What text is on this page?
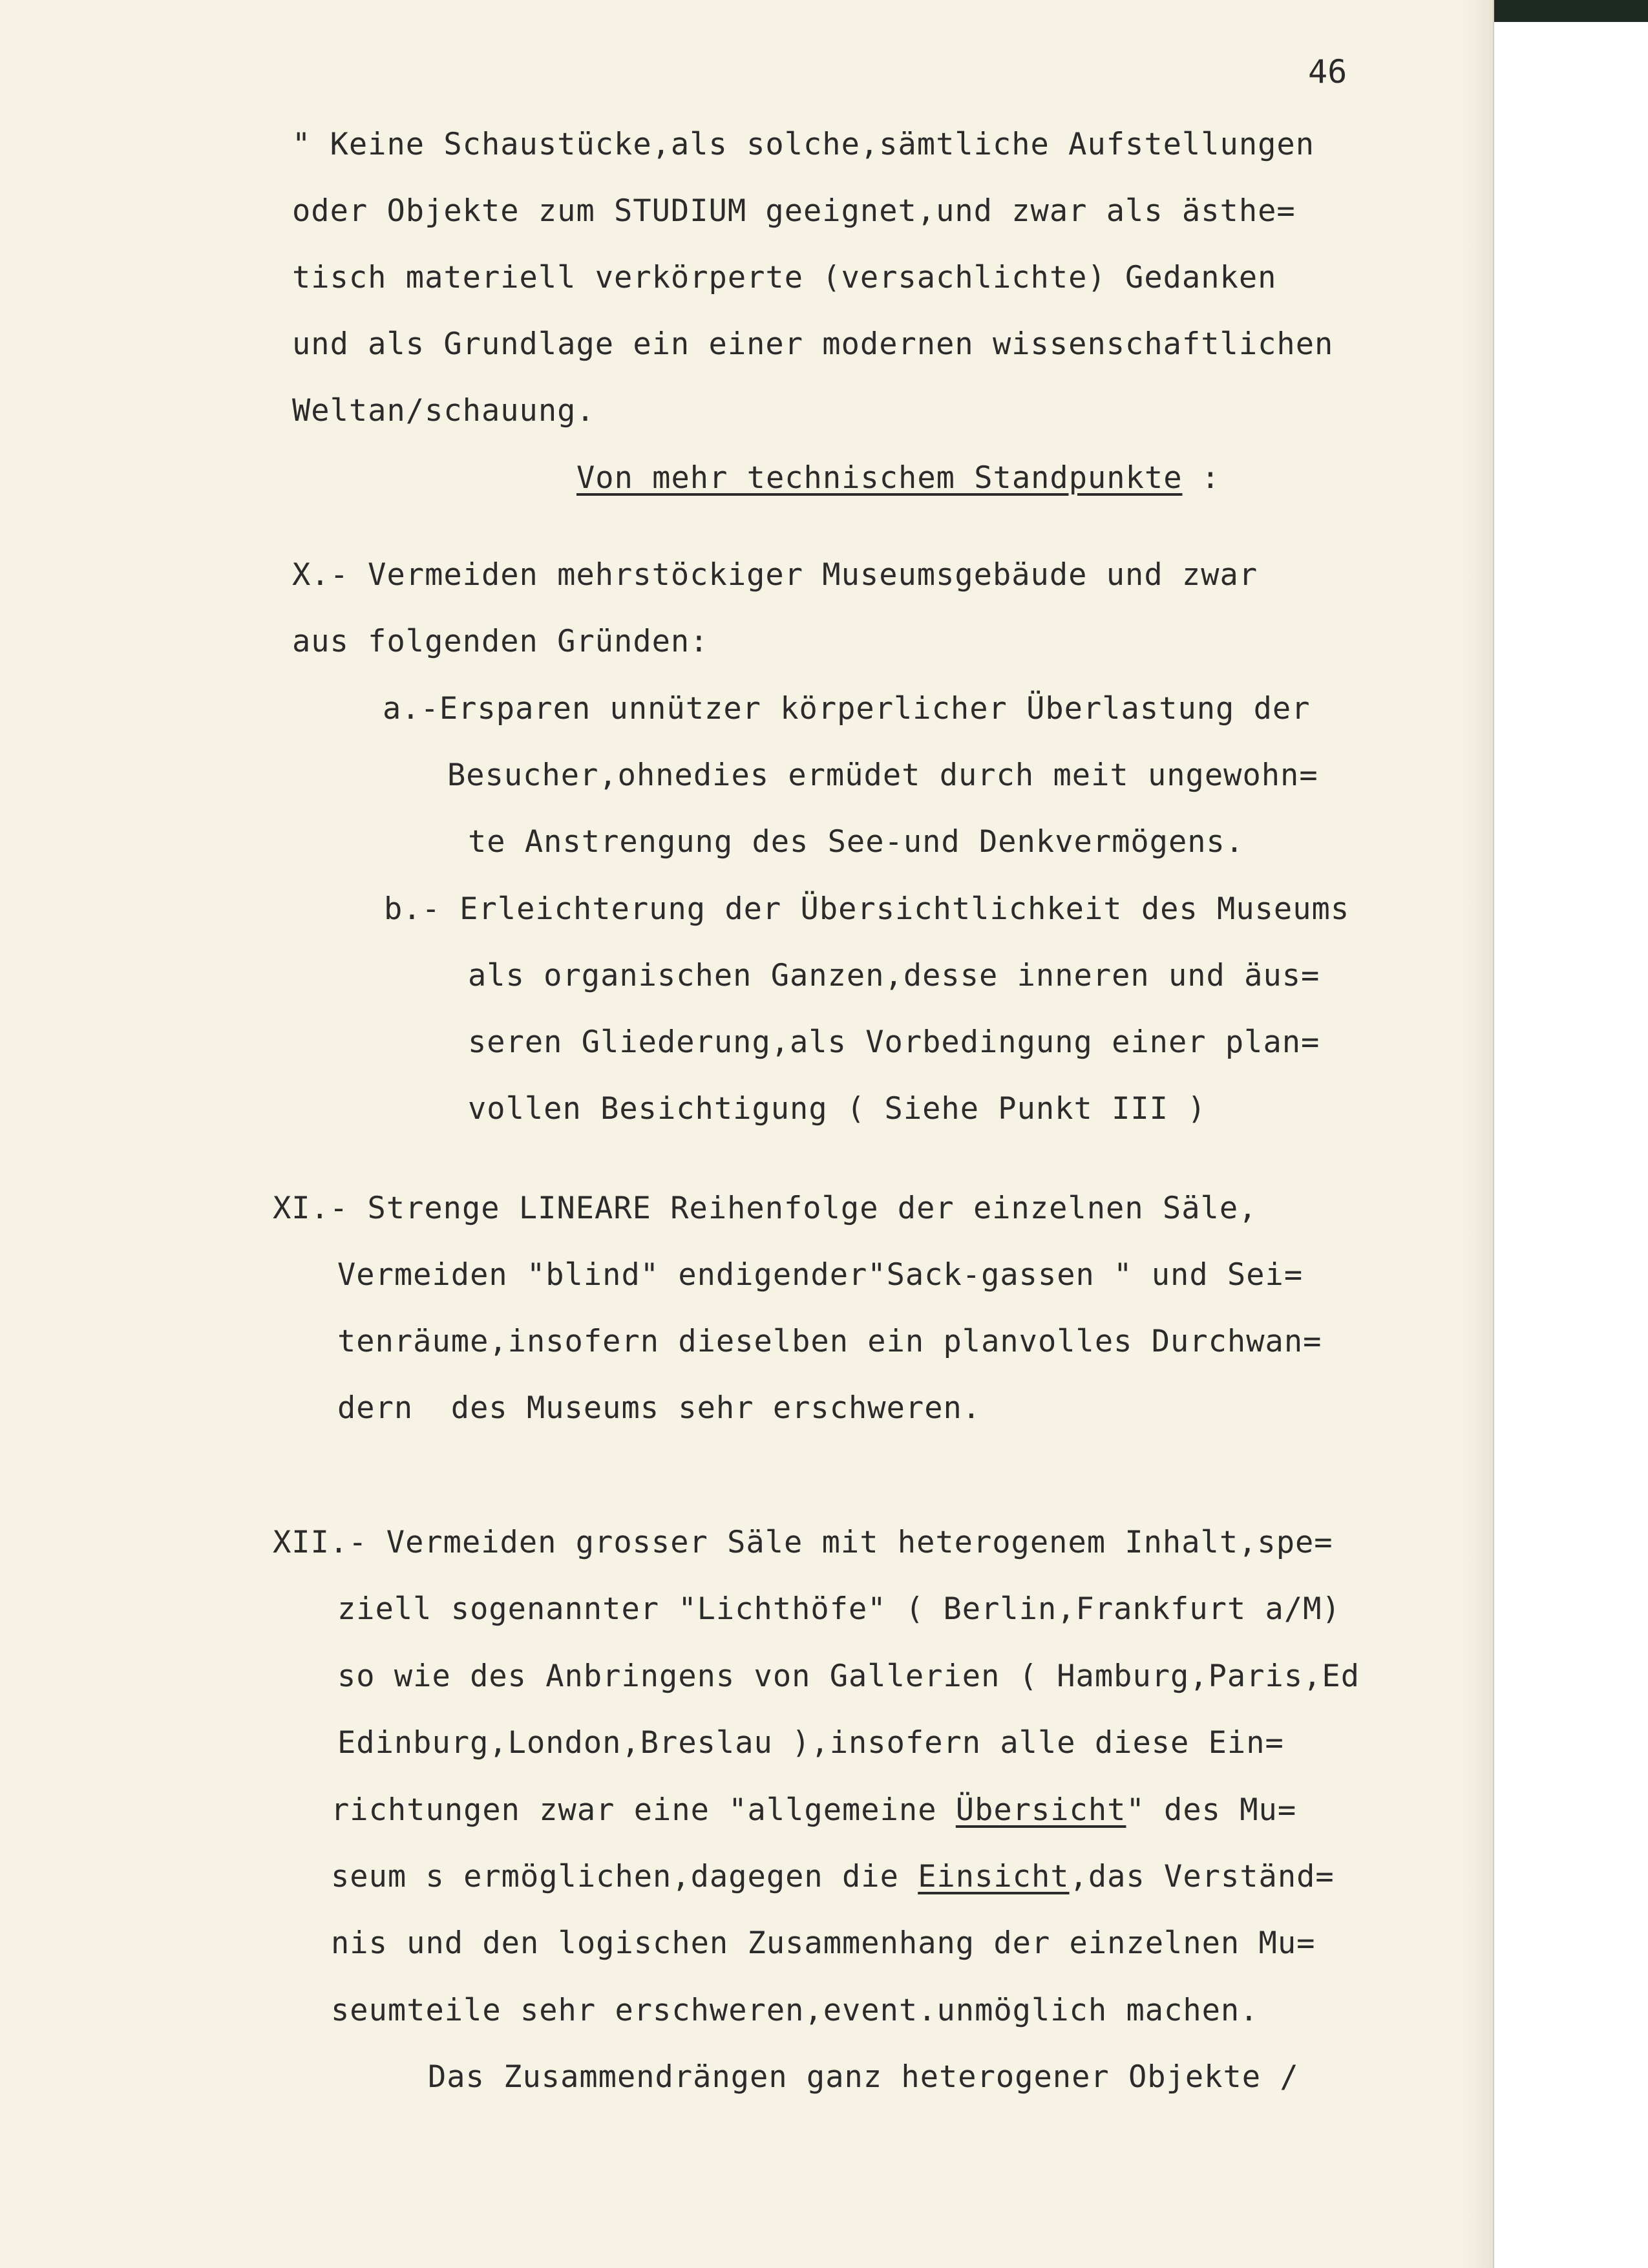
46
" Keine Schaustücke,als solche,sämtliche Aufstellungen
oder Objekte zum STUDIUM geeignet,und zwar als ästhe=
tisch materiell verkörperte (versachlichte) Gedanken
und als Grundlage ein einer modernen wissenschaftlichen
Weltan/schauung.
Von mehr technischem Standpunkte :
X.- Vermeiden mehrstöckiger Museumsgebäude und zwar
aus folgenden Gründen:
a.-Ersparen unnützer körperlicher Überlastung der
Besucher,ohnedies ermüdet durch meit ungewohn=
te Anstrengung des See-und Denkvermögens.
b.- Erleichterung der Übersichtlichkeit des Museums
als organischen Ganzen,desse inneren und äus=
seren Gliederung,als Vorbedingung einer plan=
vollen Besichtigung ( Siehe Punkt III )
XI.- Strenge LINEARE Reihenfolge der einzelnen Säle,
Vermeiden "blind" endigender"Sack-gassen " und Sei=
tenräume,insofern dieselben ein planvolles Durchwan=
dern  des Museums sehr erschweren.
XII.- Vermeiden grosser Säle mit heterogenem Inhalt,spe=
ziell sogenannter "Lichthöfe" ( Berlin,Frankfurt a/M)
so wie des Anbringens von Gallerien ( Hamburg,Paris,Ed
Edinburg,London,Breslau ),insofern alle diese Ein=
richtungen zwar eine "allgemeine Übersicht" des Mu=
seum s ermöglichen,dagegen die Einsicht,das Verständ=
nis und den logischen Zusammenhang der einzelnen Mu=
seumteile sehr erschweren,event.unmöglich machen.
Das Zusammendrängen ganz heterogener Objekte /
